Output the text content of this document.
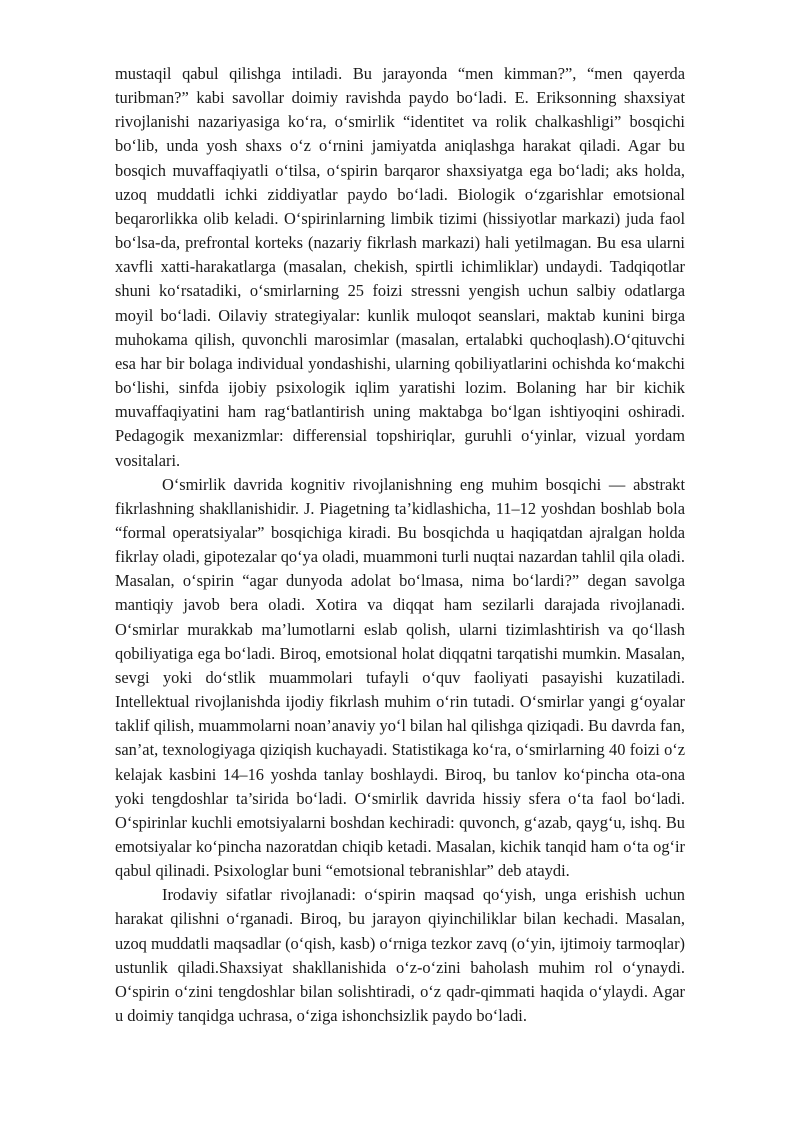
mustaqil qabul qilishga intiladi. Bu jarayonda “men kimman?”, “men qayerda turibman?” kabi savollar doimiy ravishda paydo bo‘ladi. E. Eriksonning shaxsiyat rivojlanishi nazariyasiga ko‘ra, o‘smirlik “identitet va rolik chalkashligi” bosqichi bo‘lib, unda yosh shaxs o‘z o‘rnini jamiyatda aniqlashga harakat qiladi. Agar bu bosqich muvaffaqiyatli o‘tilsa, o‘spirin barqaror shaxsiyatga ega bo‘ladi; aks holda, uzoq muddatli ichki ziddiyatlar paydo bo‘ladi. Biologik o‘zgarishlar emotsional beqarorlikka olib keladi. O‘spirinlarning limbik tizimi (hissiyotlar markazi) juda faol bo‘lsa-da, prefrontal korteks (nazariy fikrlash markazi) hali yetilmagan. Bu esa ularni xavfli xatti-harakatlarga (masalan, chekish, spirtli ichimliklar) undaydi. Tadqiqotlar shuni ko‘rsatadiki, o‘smirlarning 25 foizi stressni yengish uchun salbiy odatlarga moyil bo‘ladi. Oilaviy strategiyalar: kunlik muloqot seanslari, maktab kunini birga muhokama qilish, quvonchli marosimlar (masalan, ertalabki quchoqlash).O‘qituvchi esa har bir bolaga individual yondashishi, ularning qobiliyatlarini ochishda ko‘makchi bo‘lishi, sinfda ijobiy psixologik iqlim yaratishi lozim. Bolaning har bir kichik muvaffaqiyatini ham rag‘batlantirish uning maktabga bo‘lgan ishtiyoqini oshiradi. Pedagogik mexanizmlar: differensial topshiriqlar, guruhli o‘yinlar, vizual yordam vositalari.

O‘smirlik davrida kognitiv rivojlanishning eng muhim bosqichi — abstrakt fikrlashning shakllanishidir. J. Piagetning ta’kidlashicha, 11–12 yoshdan boshlab bola “formal operatsiyalar” bosqichiga kiradi. Bu bosqichda u haqiqatdan ajralgan holda fikrlay oladi, gipotezalar qo‘ya oladi, muammoni turli nuqtai nazardan tahlil qila oladi. Masalan, o‘spirin “agar dunyoda adolat bo‘lmasa, nima bo‘lardi?” degan savolga mantiqiy javob bera oladi. Xotira va diqqat ham sezilarli darajada rivojlanadi. O‘smirlar murakkab ma’lumotlarni eslab qolish, ularni tizimlashtirish va qo‘llash qobiliyatiga ega bo‘ladi. Biroq, emotsional holat diqqatni tarqatishi mumkin. Masalan, sevgi yoki do‘stlik muammolari tufayli o‘quv faoliyati pasayishi kuzatiladi. Intellektual rivojlanishda ijodiy fikrlash muhim o‘rin tutadi. O‘smirlar yangi g‘oyalar taklif qilish, muammolarni noan’anaviy yo‘l bilan hal qilishga qiziqadi. Bu davrda fan, san’at, texnologiyaga qiziqish kuchayadi. Statistikaga ko‘ra, o‘smirlarning 40 foizi o‘z kelajak kasbini 14–16 yoshda tanlay boshlaydi. Biroq, bu tanlov ko‘pincha ota-ona yoki tengdoshlar ta’sirida bo‘ladi. O‘smirlik davrida hissiy sfera o‘ta faol bo‘ladi. O‘spirinlar kuchli emotsiyalarni boshdan kechiradi: quvonch, g‘azab, qayg‘u, ishq. Bu emotsiyalar ko‘pincha nazoratdan chiqib ketadi. Masalan, kichik tanqid ham o‘ta og‘ir qabul qilinadi. Psixologlar buni “emotsional tebranishlar” deb ataydi.

Irodaviy sifatlar rivojlanadi: o‘spirin maqsad qo‘yish, unga erishish uchun harakat qilishni o‘rganadi. Biroq, bu jarayon qiyinchiliklar bilan kechadi. Masalan, uzoq muddatli maqsadlar (o‘qish, kasb) o‘rniga tezkor zavq (o‘yin, ijtimoiy tarmoqlar) ustunlik qiladi.Shaxsiyat shakllanishida o‘z-o‘zini baholash muhim rol o‘ynaydi. O‘spirin o‘zini tengdoshlar bilan solishtiradi, o‘z qadr-qimmati haqida o‘ylaydi. Agar u doimiy tanqidga uchrasa, o‘ziga ishonchsizlik paydo bo‘ladi.
